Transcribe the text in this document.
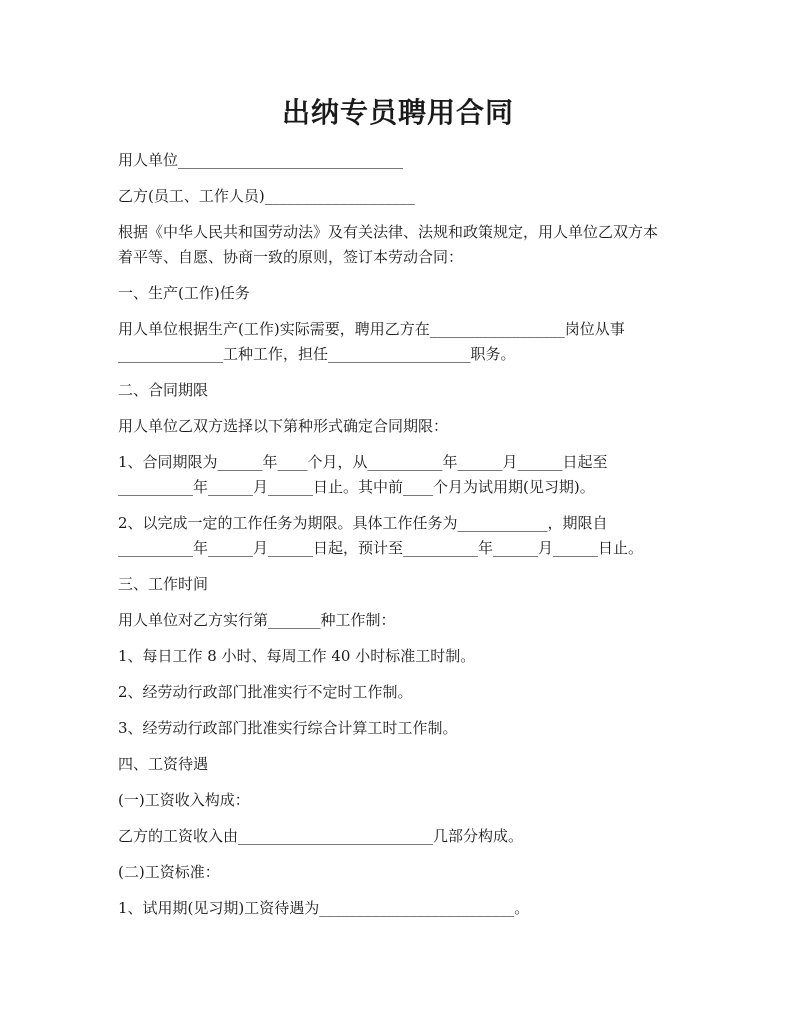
出纳专员聘用合同
用人单位______________________________
乙方(员工、工作人员)____________________
根据《中华人民共和国劳动法》及有关法律、法规和政策规定，用人单位乙双方本
着平等、自愿、协商一致的原则，签订本劳动合同：
一、生产(工作)任务
用人单位根据生产(工作)实际需要，聘用乙方在__________________岗位从事
______________工种工作，担任___________________职务。
二、合同期限
用人单位乙双方选择以下第种形式确定合同期限：
1、合同期限为______年____个月，从__________年______月______日起至
__________年______月______日止。其中前____个月为试用期(见习期)。
2、以完成一定的工作任务为期限。具体工作任务为____________，期限自
__________年______月______日起，预计至__________年______月______日止。
三、工作时间
用人单位对乙方实行第_______种工作制：
1、每日工作 8 小时、每周工作 40 小时标准工时制。
2、经劳动行政部门批准实行不定时工作制。
3、经劳动行政部门批准实行综合计算工时工作制。
四、工资待遇
(一)工资收入构成：
乙方的工资收入由__________________________几部分构成。
(二)工资标准：
1、试用期(见习期)工资待遇为__________________________。
